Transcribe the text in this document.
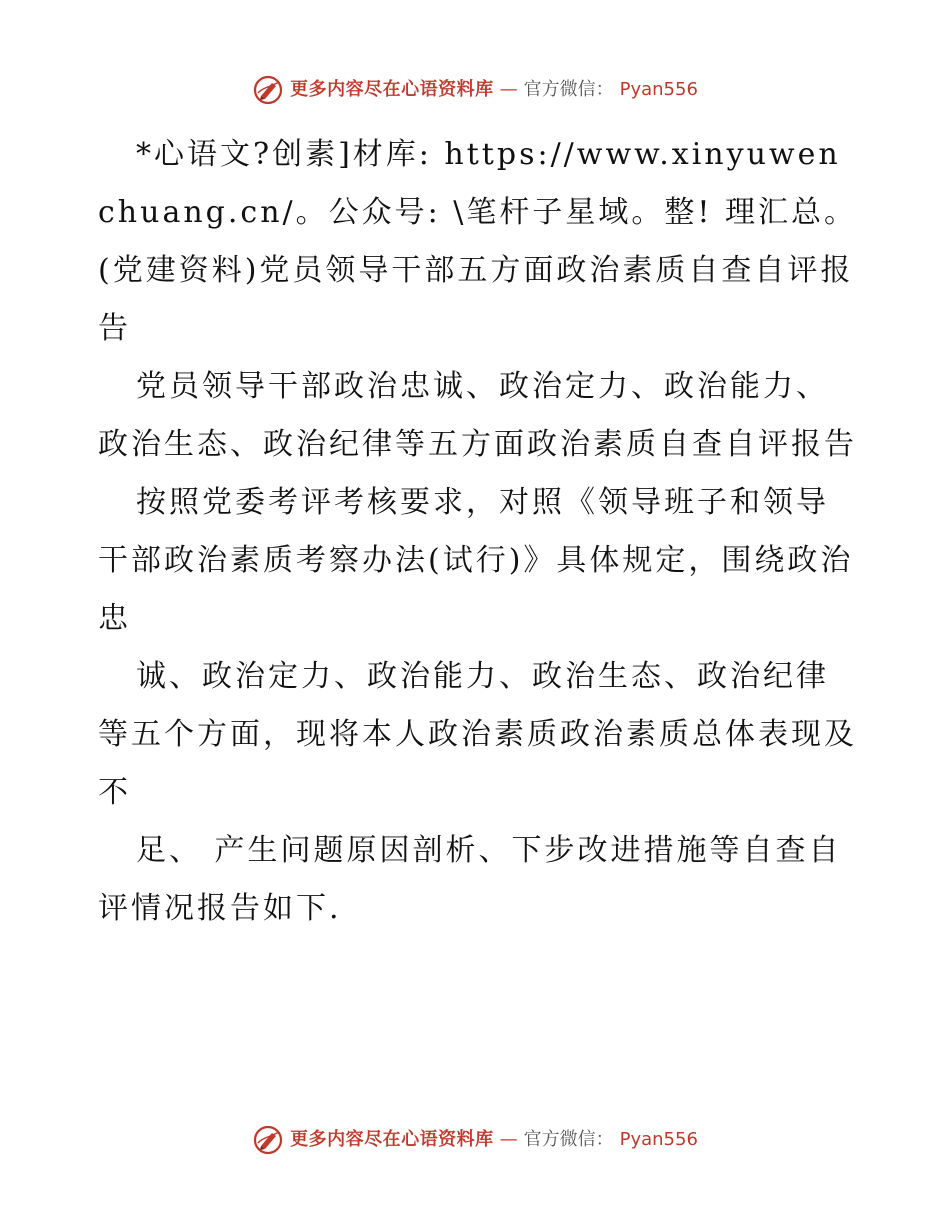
更多内容尽在心语资料库 — 官方微信： Pyan556

*心语文?创素]材库: https://www.xinyuwenchuang.cn/。公众号: \笔杆子星域。整! 理汇总。(党建资料)党员领导干部五方面政治素质自查自评报告

党员领导干部政治忠诚、政治定力、政治能力、政治生态、政治纪律等五方面政治素质自查自评报告

按照党委考评考核要求，对照《领导班子和领导干部政治素质考察办法(试行)》具体规定，围绕政治忠

诚、政治定力、政治能力、政治生态、政治纪律等五个方面，现将本人政治素质政治素质总体表现及不

足、 产生问题原因剖析、下步改进措施等自查自评情况报告如下.

更多内容尽在心语资料库 — 官方微信： Pyan556
